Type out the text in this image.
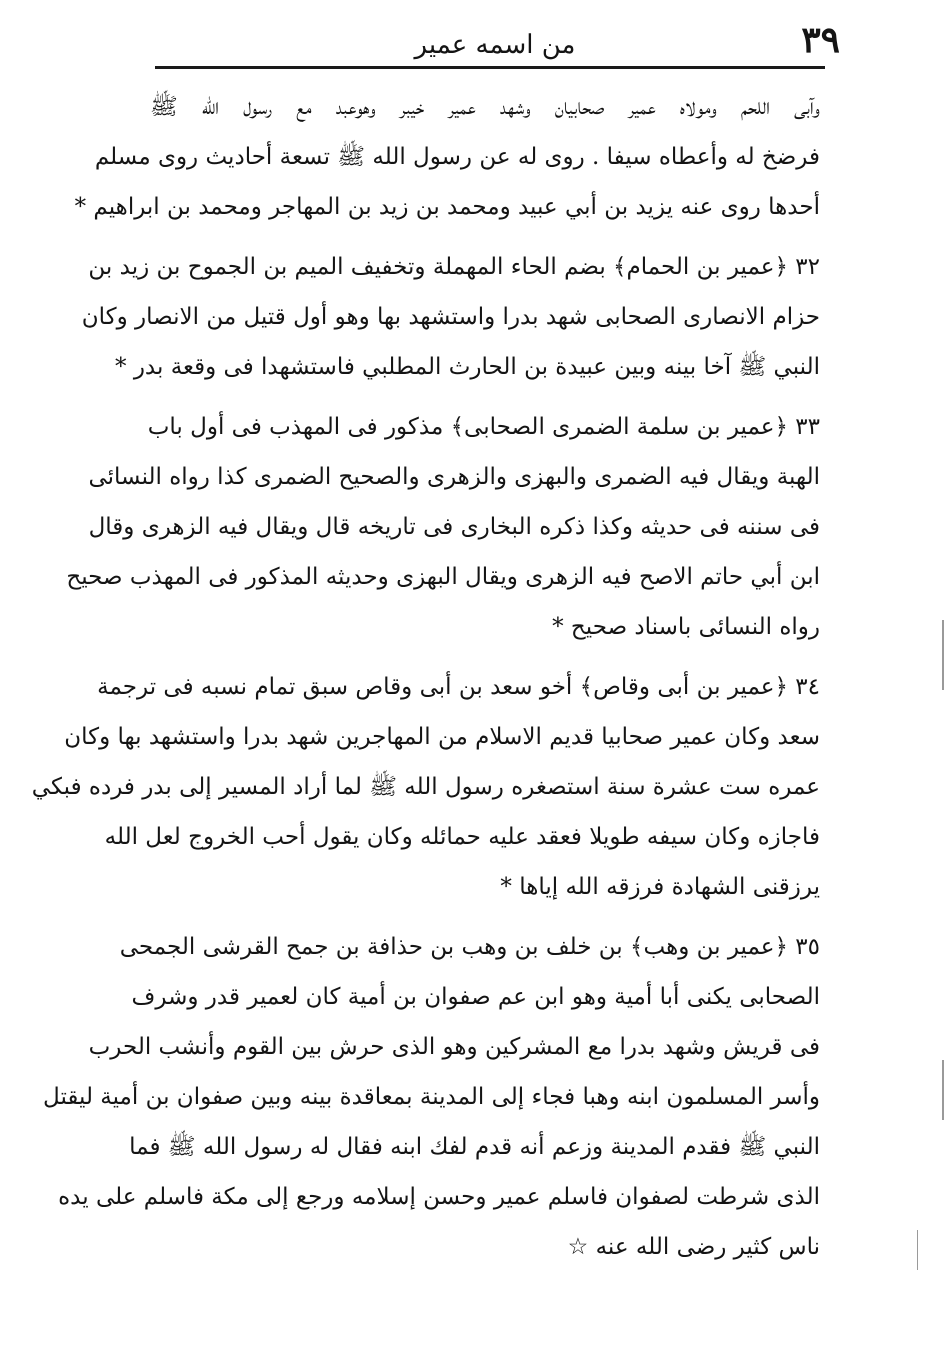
٣٩
من اسمه عمير
وآبى اللحم ومولاه عمير صحابيان وشهد عمير خيبر وهوعبد مع رسول الله ﷺ
فرضخ له وأعطاه سيفا . روى له عن رسول الله ﷺ تسعة أحاديث روى مسلم
أحدها روى عنه يزيد بن أبي عبيد ومحمد بن زيد بن المهاجر ومحمد بن ابراهيم *
٣٢ ﴿عمير بن الحمام﴾ بضم الحاء المهملة وتخفيف الميم بن الجموح بن زيد بن
حزام الانصارى الصحابى شهد بدرا واستشهد بها وهو أول قتيل من الانصار وكان
النبي ﷺ آخا بينه وبين عبيدة بن الحارث المطلبي فاستشهدا فى وقعة بدر *
٣٣ ﴿عمير بن سلمة الضمرى الصحابى﴾ مذكور فى المهذب فى أول باب
الهبة ويقال فيه الضمرى والبهزى والزهرى والصحيح الضمرى كذا رواه النسائى
فى سننه فى حديثه وكذا ذكره البخارى فى تاريخه قال ويقال فيه الزهرى وقال
ابن أبي حاتم الاصح فيه الزهرى ويقال البهزى وحديثه المذكور فى المهذب صحيح
رواه النسائى باسناد صحيح *
٣٤ ﴿عمير بن أبى وقاص﴾ أخو سعد بن أبى وقاص سبق تمام نسبه فى ترجمة
سعد وكان عمير صحابيا قديم الاسلام من المهاجرين شهد بدرا واستشهد بها وكان
عمره ست عشرة سنة استصغره رسول الله ﷺ لما أراد المسير إلى بدر فرده فبكي
فاجازه وكان سيفه طويلا فعقد عليه حمائله وكان يقول أحب الخروج لعل الله
يرزقنى الشهادة فرزقه الله إياها *
٣٥ ﴿عمير بن وهب﴾ بن خلف بن وهب بن حذافة بن جمح القرشى الجمحى
الصحابى يكنى أبا أمية وهو ابن عم صفوان بن أمية كان لعمير قدر وشرف
فى قريش وشهد بدرا مع المشركين وهو الذى حرش بين القوم وأنشب الحرب
وأسر المسلمون ابنه وهبا فجاء إلى المدينة بمعاقدة بينه وبين صفوان بن أمية ليقتل
النبي ﷺ فقدم المدينة وزعم أنه قدم لفك ابنه فقال له رسول الله ﷺ فما
الذى شرطت لصفوان فاسلم عمير وحسن إسلامه ورجع إلى مكة فاسلم على يده
ناس كثير رضى الله عنه ☆
